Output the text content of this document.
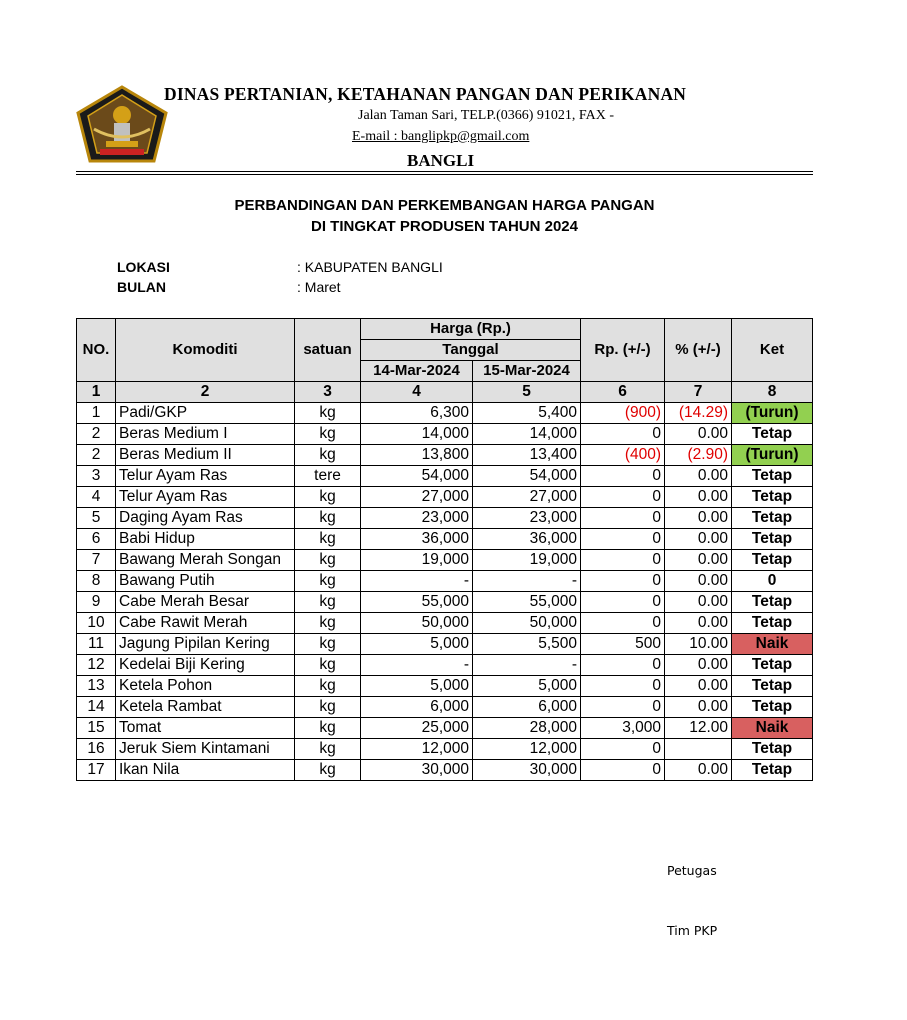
DINAS PERTANIAN, KETAHANAN PANGAN DAN PERIKANAN
Jalan Taman Sari, TELP.(0366) 91021, FAX -
E-mail : banglipkp@gmail.com
BANGLI
PERBANDINGAN DAN PERKEMBANGAN HARGA PANGAN
DI TINGKAT PRODUSEN TAHUN 2024
LOKASI	: KABUPATEN BANGLI
BULAN	: Maret
NO.	Komoditi	satuan	Harga (Rp.)		Rp. (+/-)	% (+/-)	Ket
			Tanggal				
			14-Mar-2024	15-Mar-2024			
1	2	3	4	5	6	7	8
1	Padi/GKP	kg	6,300	5,400	(900)	(14.29)	(Turun)
2	Beras Medium I	kg	14,000	14,000	0	0.00	Tetap
2	Beras Medium II	kg	13,800	13,400	(400)	(2.90)	(Turun)
3	Telur Ayam Ras	tere	54,000	54,000	0	0.00	Tetap
4	Telur Ayam Ras	kg	27,000	27,000	0	0.00	Tetap
5	Daging Ayam Ras	kg	23,000	23,000	0	0.00	Tetap
6	Babi Hidup	kg	36,000	36,000	0	0.00	Tetap
7	Bawang Merah Songan	kg	19,000	19,000	0	0.00	Tetap
8	Bawang Putih	kg	-	-	0	0.00	0
9	Cabe Merah Besar	kg	55,000	55,000	0	0.00	Tetap
10	Cabe Rawit Merah	kg	50,000	50,000	0	0.00	Tetap
11	Jagung Pipilan Kering	kg	5,000	5,500	500	10.00	Naik
12	Kedelai Biji Kering	kg	-	-	0	0.00	Tetap
13	Ketela Pohon	kg	5,000	5,000	0	0.00	Tetap
14	Ketela Rambat	kg	6,000	6,000	0	0.00	Tetap
15	Tomat	kg	25,000	28,000	3,000	12.00	Naik
16	Jeruk Siem Kintamani	kg	12,000	12,000	0		Tetap
17	Ikan Nila	kg	30,000	30,000	0	0.00	Tetap
Petugas
Tim PKP
